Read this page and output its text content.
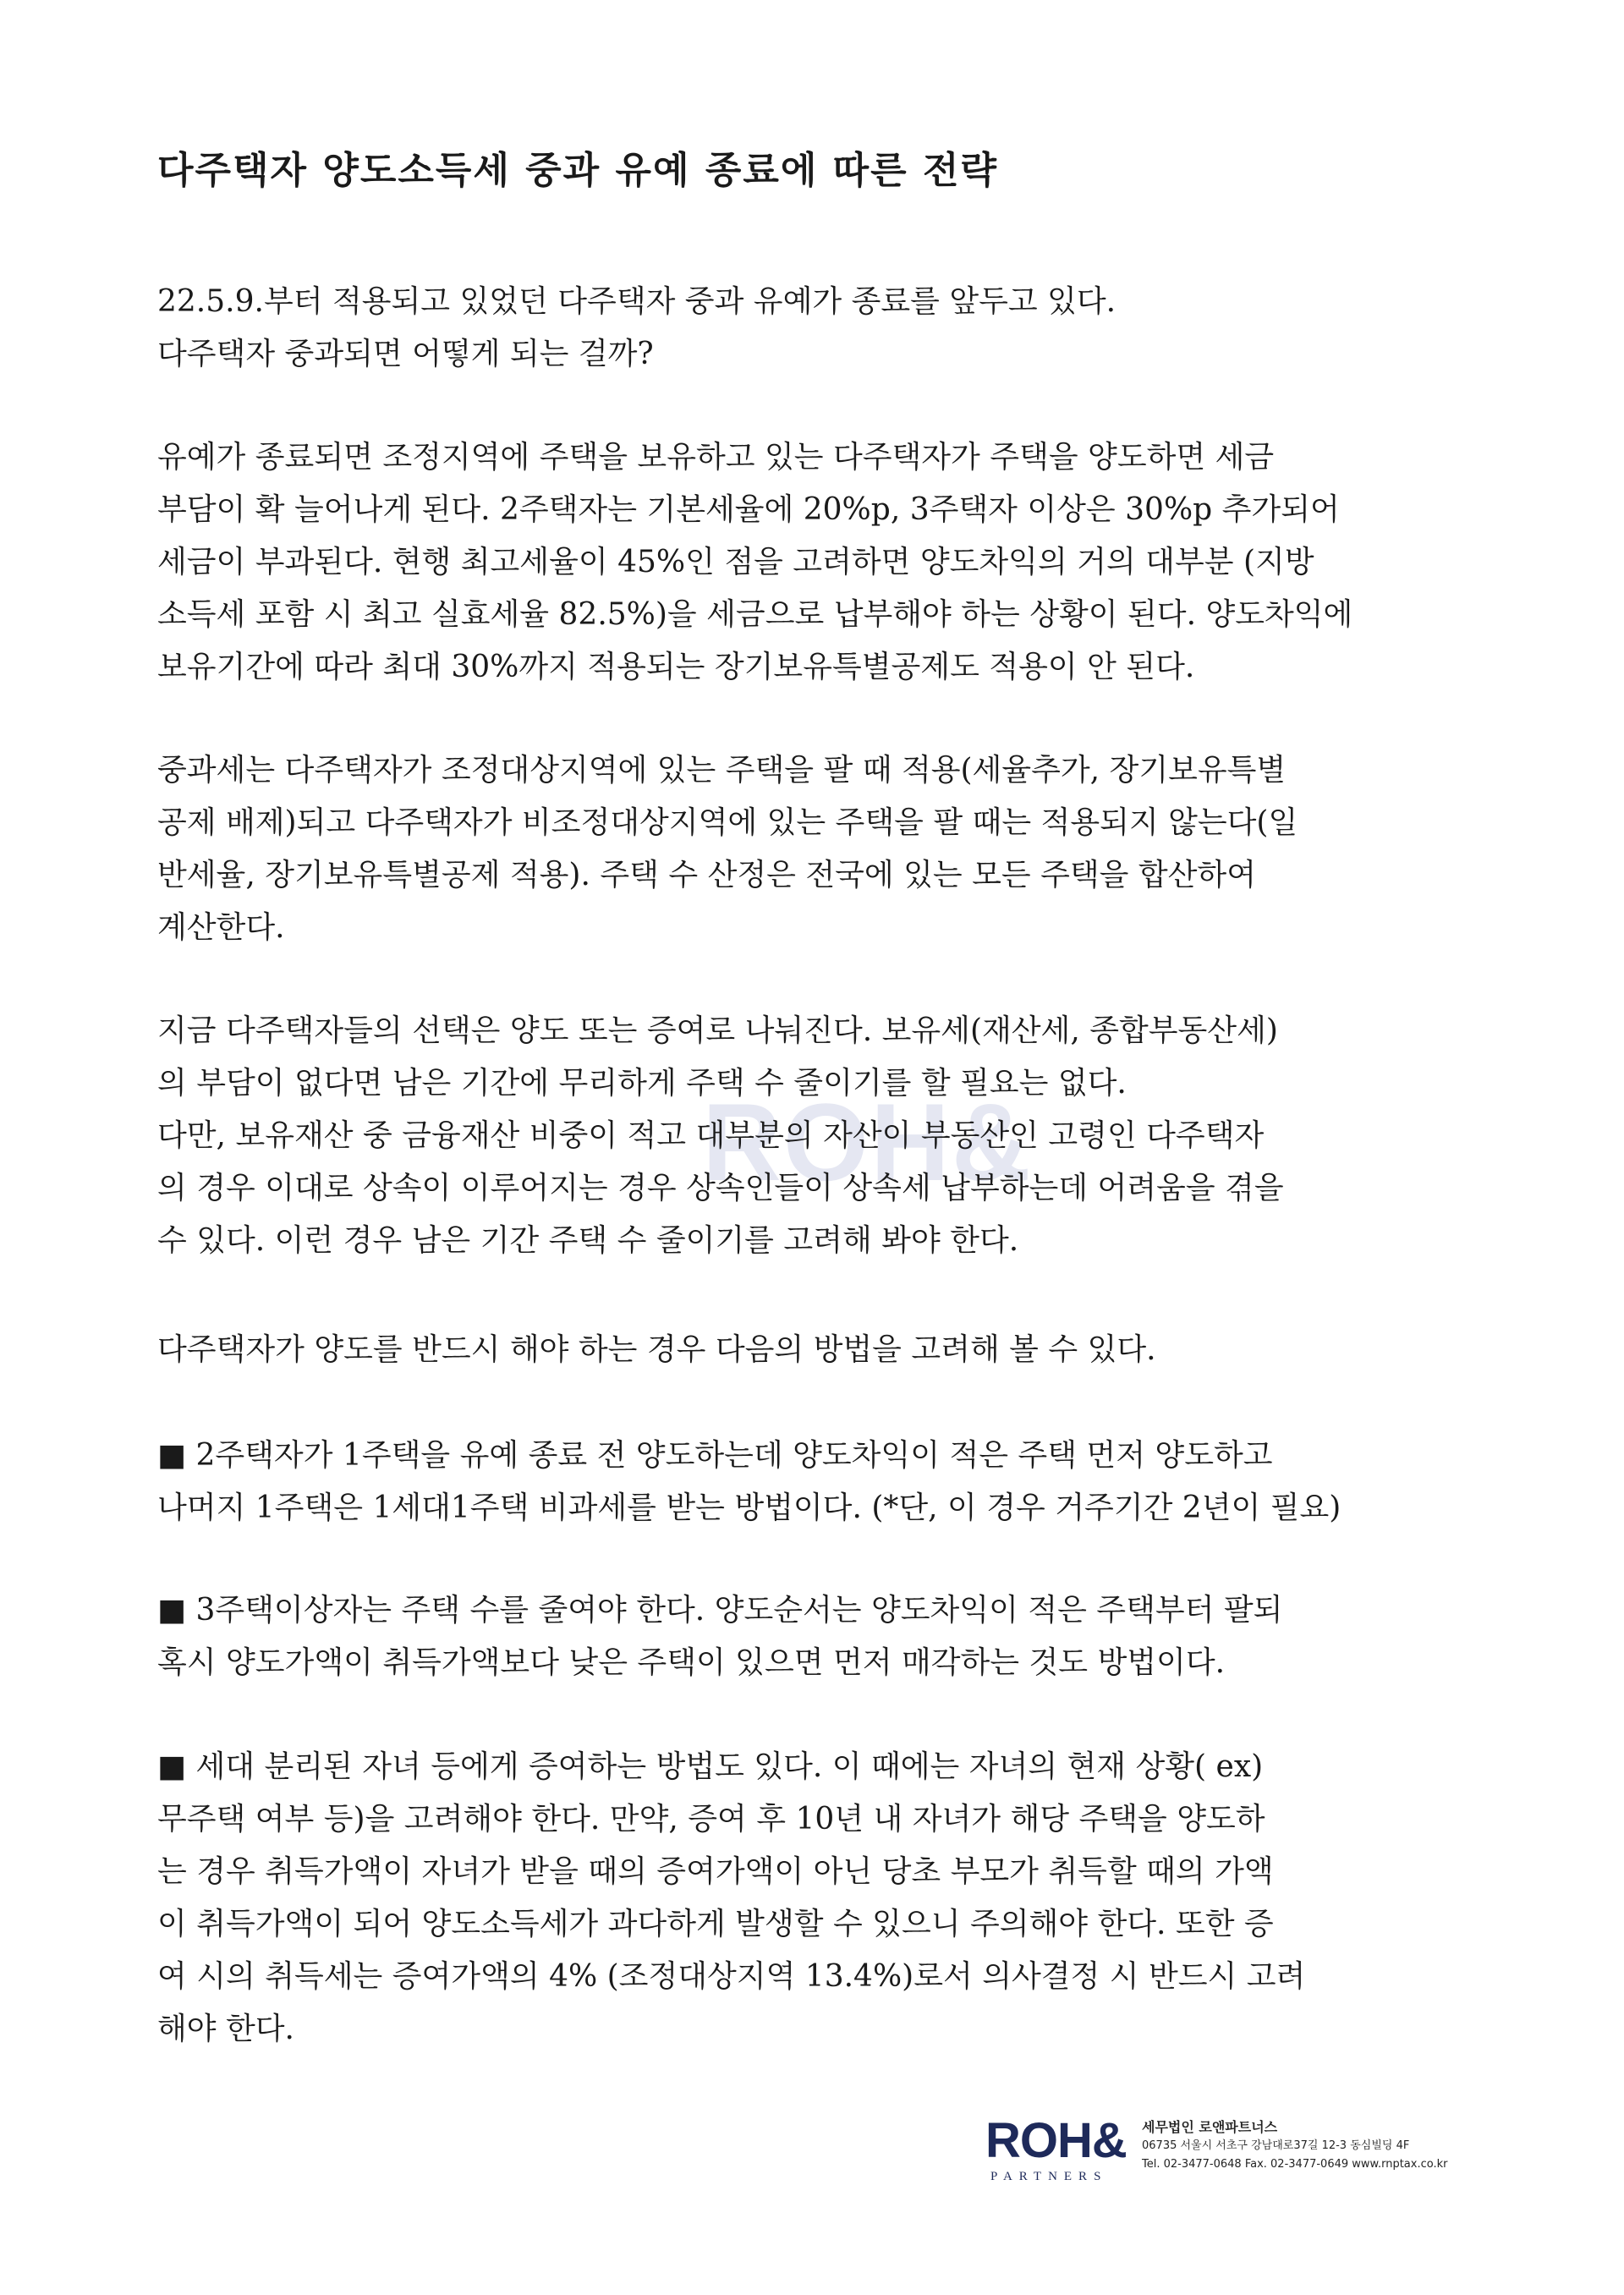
다주택자 양도소득세 중과 유예 종료에 따른 전략
ROH&

22.5.9.부터 적용되고 있었던 다주택자 중과 유예가 종료를 앞두고 있다.
다주택자 중과되면 어떻게 되는 걸까?

유예가 종료되면 조정지역에 주택을 보유하고 있는 다주택자가 주택을 양도하면 세금
부담이 확 늘어나게 된다. 2주택자는 기본세율에 20%p, 3주택자 이상은 30%p 추가되어
세금이 부과된다. 현행 최고세율이 45%인 점을 고려하면 양도차익의 거의 대부분 (지방
소득세 포함 시 최고 실효세율 82.5%)을 세금으로 납부해야 하는 상황이 된다. 양도차익에
보유기간에 따라 최대 30%까지 적용되는 장기보유특별공제도 적용이 안 된다.

중과세는 다주택자가 조정대상지역에 있는 주택을 팔 때 적용(세율추가, 장기보유특별
공제 배제)되고 다주택자가 비조정대상지역에 있는 주택을 팔 때는 적용되지 않는다(일
반세율, 장기보유특별공제 적용). 주택 수 산정은 전국에 있는 모든 주택을 합산하여
계산한다.

지금 다주택자들의 선택은 양도 또는 증여로 나눠진다. 보유세(재산세, 종합부동산세)
의 부담이 없다면 남은 기간에 무리하게 주택 수 줄이기를 할 필요는 없다.
다만, 보유재산 중 금융재산 비중이 적고 대부분의 자산이 부동산인 고령인 다주택자
의 경우 이대로 상속이 이루어지는 경우 상속인들이 상속세 납부하는데 어려움을 겪을
수 있다. 이런 경우 남은 기간 주택 수 줄이기를 고려해 봐야 한다.

다주택자가 양도를 반드시 해야 하는 경우 다음의 방법을 고려해 볼 수 있다.

■ 2주택자가 1주택을 유예 종료 전 양도하는데 양도차익이 적은 주택 먼저 양도하고
나머지 1주택은 1세대1주택 비과세를 받는 방법이다. (*단, 이 경우 거주기간 2년이 필요)

■ 3주택이상자는 주택 수를 줄여야 한다. 양도순서는 양도차익이 적은 주택부터 팔되
혹시 양도가액이 취득가액보다 낮은 주택이 있으면 먼저 매각하는 것도 방법이다.

■ 세대 분리된 자녀 등에게 증여하는 방법도 있다. 이 때에는 자녀의 현재 상황( ex)
무주택 여부 등)을 고려해야 한다. 만약, 증여 후 10년 내 자녀가 해당 주택을 양도하
는 경우 취득가액이 자녀가 받을 때의 증여가액이 아닌 당초 부모가 취득할 때의 가액
이 취득가액이 되어 양도소득세가 과다하게 발생할 수 있으니 주의해야 한다. 또한 증
여 시의 취득세는 증여가액의 4% (조정대상지역 13.4%)로서 의사결정 시 반드시 고려
해야 한다.

ROH&
PARTNERS
세무법인 로앤파트너스
06735 서울시 서초구 강남대로37길 12-3 동심빌딩 4F
Tel. 02-3477-0648 Fax. 02-3477-0649 www.rnptax.co.kr
